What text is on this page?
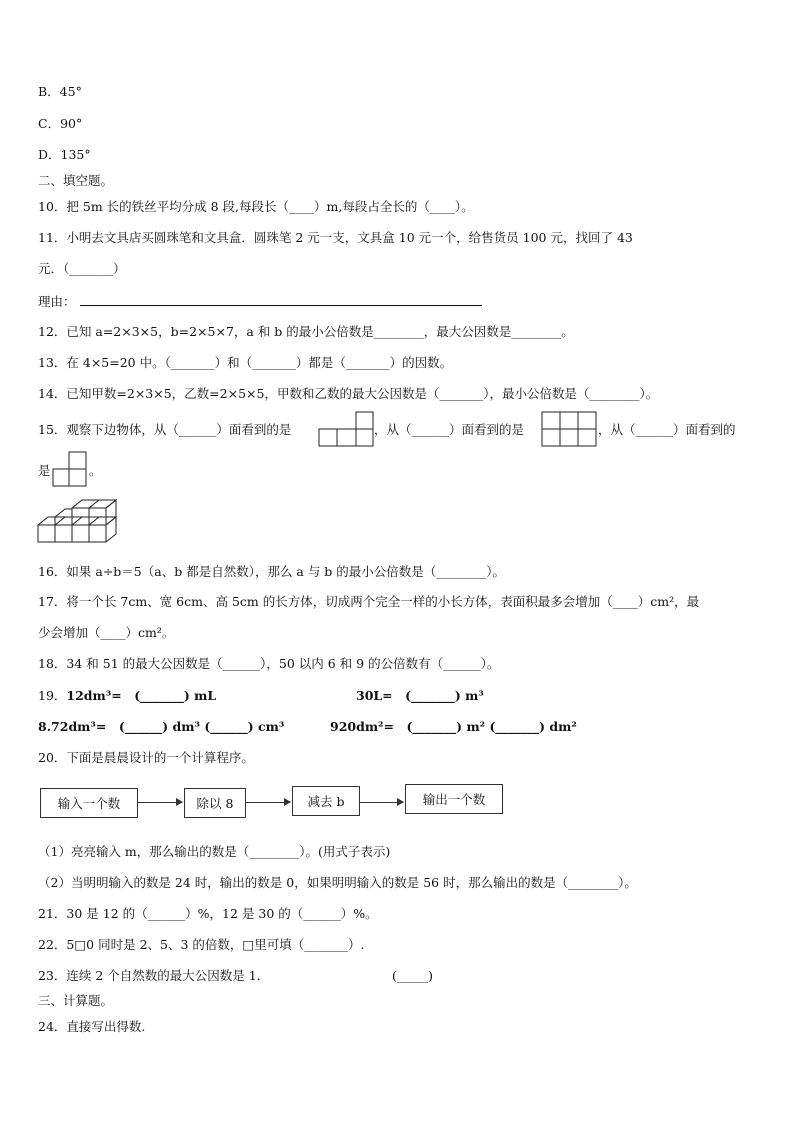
B．45°
C．90°
D．135°
二、填空题。
10．把 5m 长的铁丝平均分成 8 段,每段长（____）m,每段占全长的（____）。
11．小明去文具店买圆珠笔和文具盒．圆珠笔 2 元一支，文具盒 10 元一个，给售货员 100 元，找回了 43
元．（_______）
理由：
12．已知 a=2×3×5，b=2×5×7，a 和 b 的最小公倍数是________，最大公因数是________。
13．在 4×5=20 中。（_______）和（_______）都是（_______）的因数。
14．已知甲数=2×3×5，乙数=2×5×5，甲数和乙数的最大公因数是（_______），最小公倍数是（________）。
15．观察下边物体，从（______）面看到的是	，从（______）面看到的是	，从（______）面看到的
是	。
16．如果 a÷b＝5（a、b 都是自然数），那么 a 与 b 的最小公倍数是（________）。
17．将一个长 7cm、宽 6cm、高 5cm 的长方体，切成两个完全一样的小长方体，表面积最多会增加（____）cm²，最
少会增加（____）cm²。
18．34 和 51 的最大公因数是（______），50 以内 6 和 9 的公倍数有（______）。
19．12dm³=　(_______) mL	30L=　(_______) m³
8.72dm³=　(______) dm³ (______) cm³	920dm²=　(_______) m² (_______) dm²
20．下面是晨晨设计的一个计算程序。
输入一个数	除以 8	减去 b	输出一个数
（1）亮亮输入 m，那么输出的数是（________）。(用式子表示)
（2）当明明输入的数是 24 时，输出的数是 0，如果明明输入的数是 56 时，那么输出的数是（________）。
21．30 是 12 的（______）%，12 是 30 的（______）%。
22．5□0 同时是 2、5、3 的倍数，□里可填（_______）.
23．连续 2 个自然数的最大公因数是 1．	(_____)
三、计算题。
24．直接写出得数.
